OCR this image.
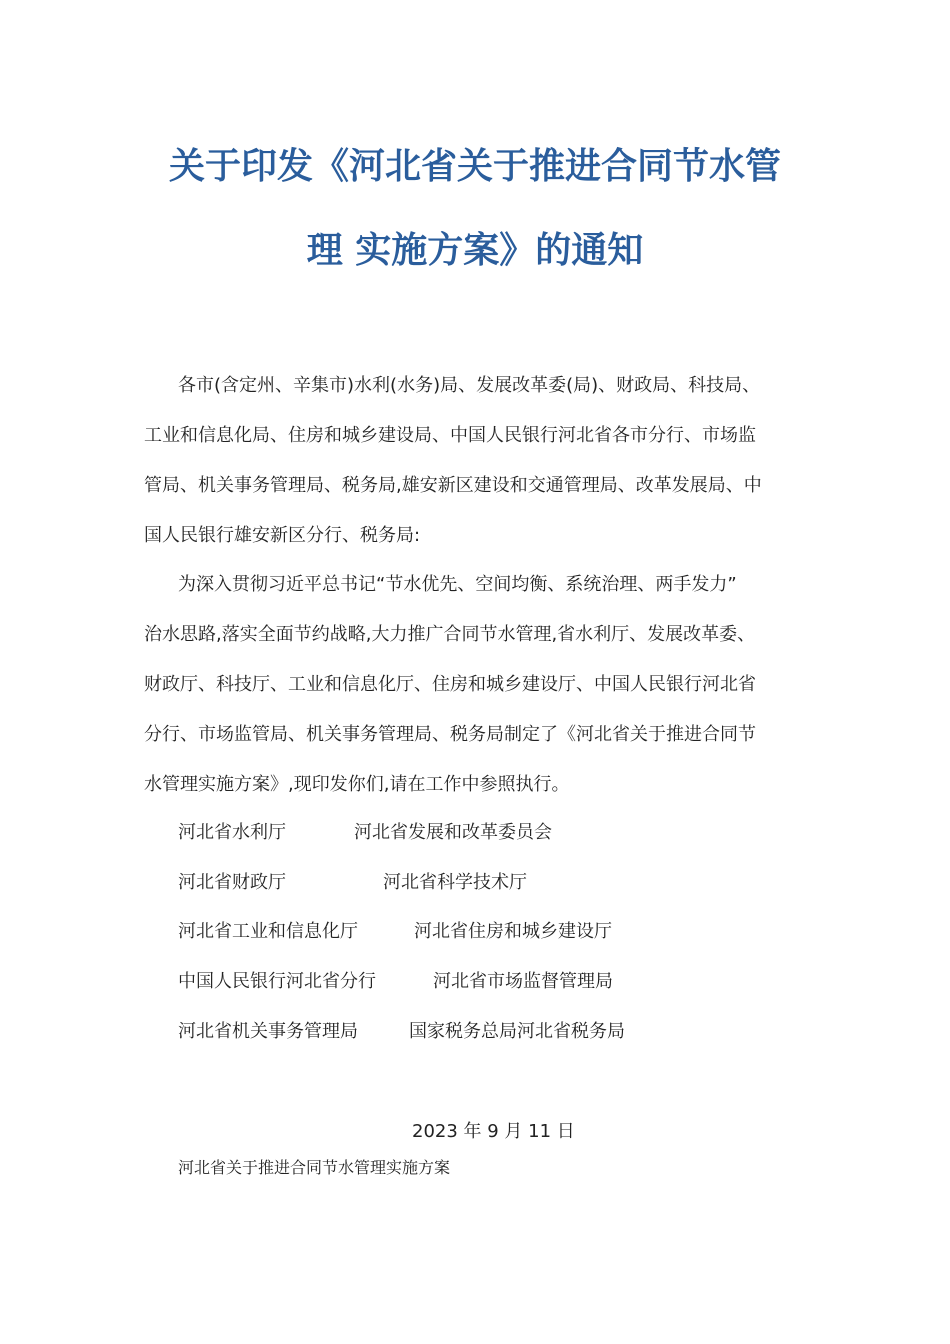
关于印发《河北省关于推进合同节水管
理 实施方案》的通知
各市(含定州、辛集市)水利(水务)局、发展改革委(局)、财政局、科技局、
工业和信息化局、住房和城乡建设局、中国人民银行河北省各市分行、市场监
管局、机关事务管理局、税务局,雄安新区建设和交通管理局、改革发展局、中
国人民银行雄安新区分行、税务局:
为深入贯彻习近平总书记“节水优先、空间均衡、系统治理、两手发力”
治水思路,落实全面节约战略,大力推广合同节水管理,省水利厅、发展改革委、
财政厅、科技厅、工业和信息化厅、住房和城乡建设厅、中国人民银行河北省
分行、市场监管局、机关事务管理局、税务局制定了《河北省关于推进合同节
水管理实施方案》,现印发你们,请在工作中参照执行。
河北省水利厅	河北省发展和改革委员会
河北省财政厅	河北省科学技术厅
河北省工业和信息化厅	河北省住房和城乡建设厅
中国人民银行河北省分行	河北省市场监督管理局
河北省机关事务管理局	国家税务总局河北省税务局
2023 年 9 月 11 日
河北省关于推进合同节水管理实施方案
